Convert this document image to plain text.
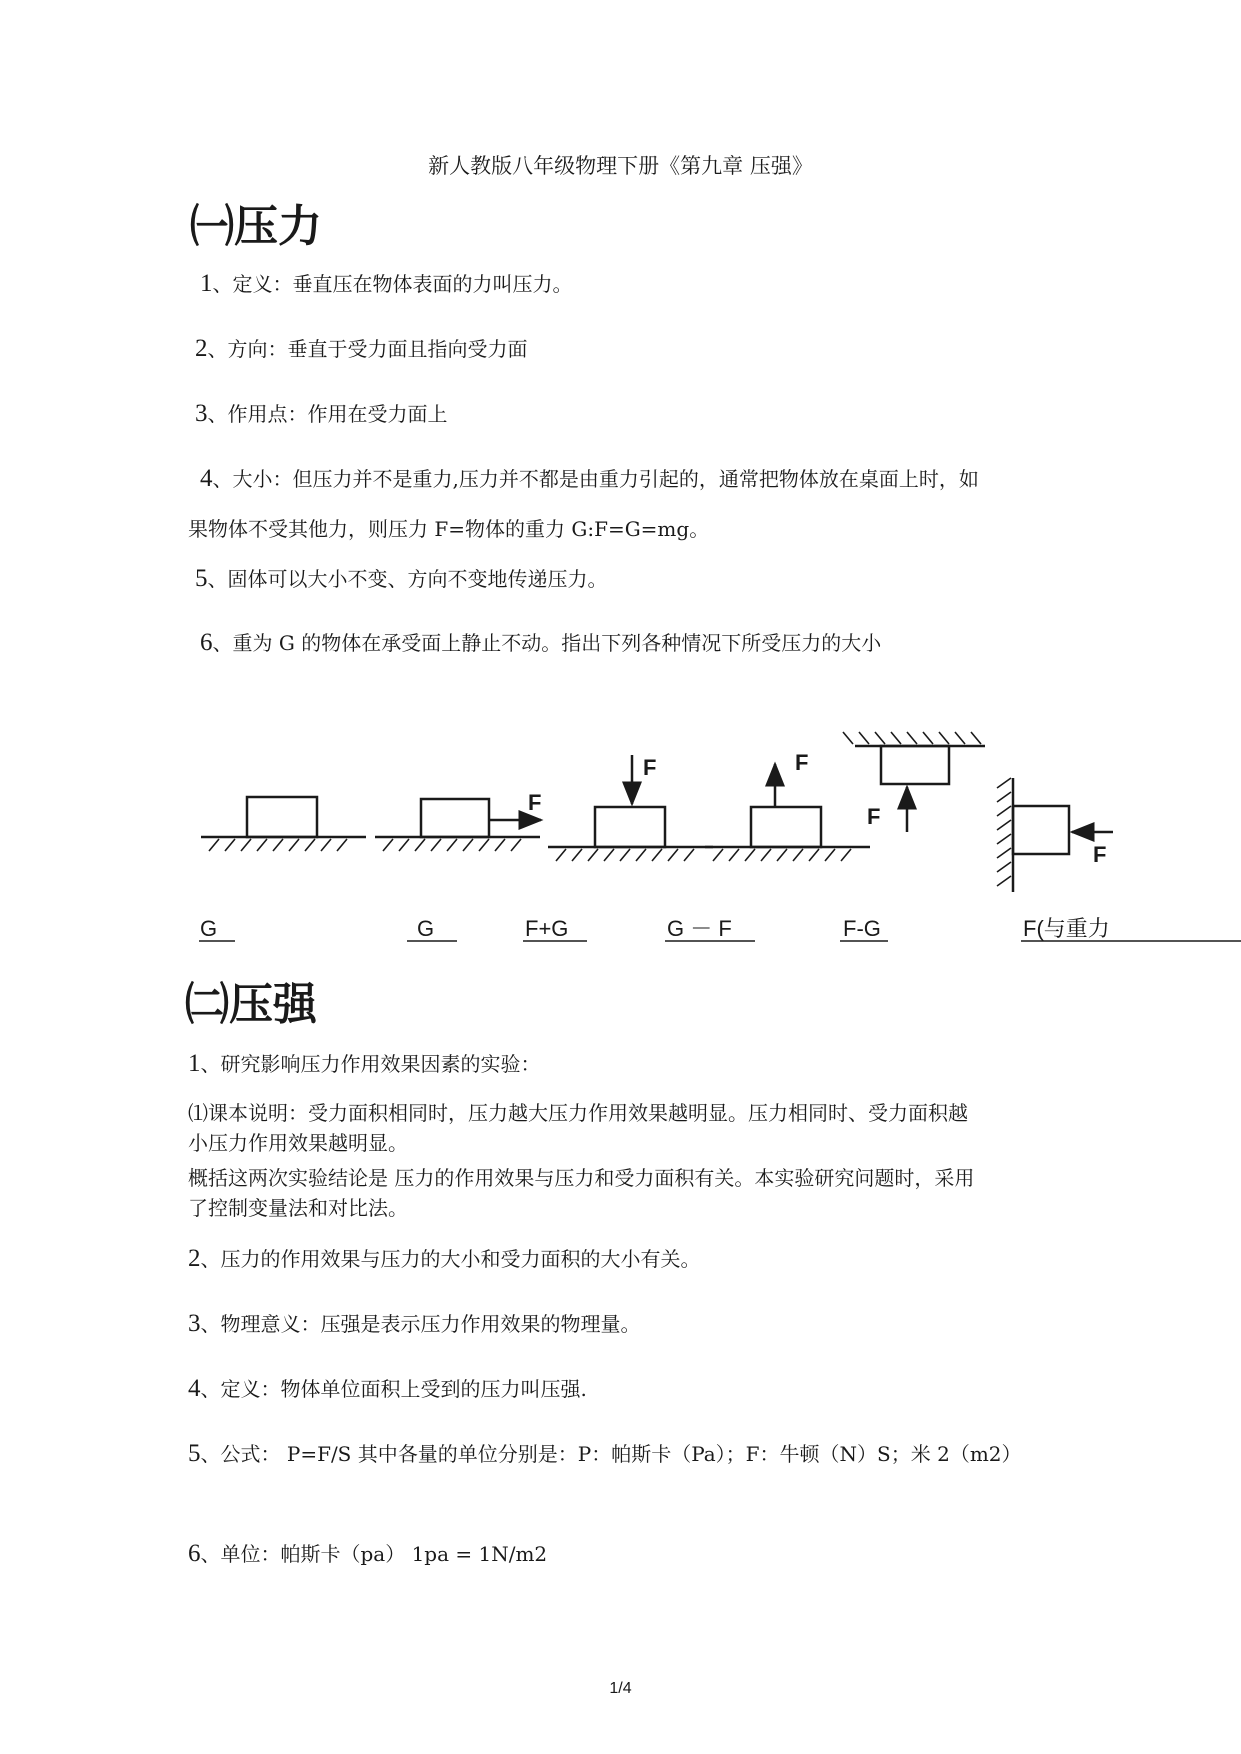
新人教版八年级物理下册《第九章 压强》
㈠压力
1、定义：垂直压在物体表面的力叫压力。
2、方向：垂直于受力面且指向受力面
3、作用点：作用在受力面上
4、大小：但压力并不是重力,压力并不都是由重力引起的，通常把物体放在桌面上时，如
果物体不受其他力，则压力 F=物体的重力 G:F=G=mg。
5、固体可以大小不变、方向不变地传递压力。
6、重为 G 的物体在承受面上静止不动。指出下列各种情况下所受压力的大小
G
F
G
F
F+G
F
G － F
F
F-G
F
F(与重力
㈡压强
1、研究影响压力作用效果因素的实验：
⑴课本说明：受力面积相同时，压力越大压力作用效果越明显。压力相同时、受力面积越
小压力作用效果越明显。
概括这两次实验结论是 压力的作用效果与压力和受力面积有关。本实验研究问题时，采用
了控制变量法和对比法。
2、压力的作用效果与压力的大小和受力面积的大小有关。
3、物理意义：压强是表示压力作用效果的物理量。
4、定义：物体单位面积上受到的压力叫压强.
5、公式： P=F/S 其中各量的单位分别是：P：帕斯卡（Pa）；F：牛顿（N）S；米 2（m2）
6、单位：帕斯卡（pa） 1pa = 1N/m2
1/4
